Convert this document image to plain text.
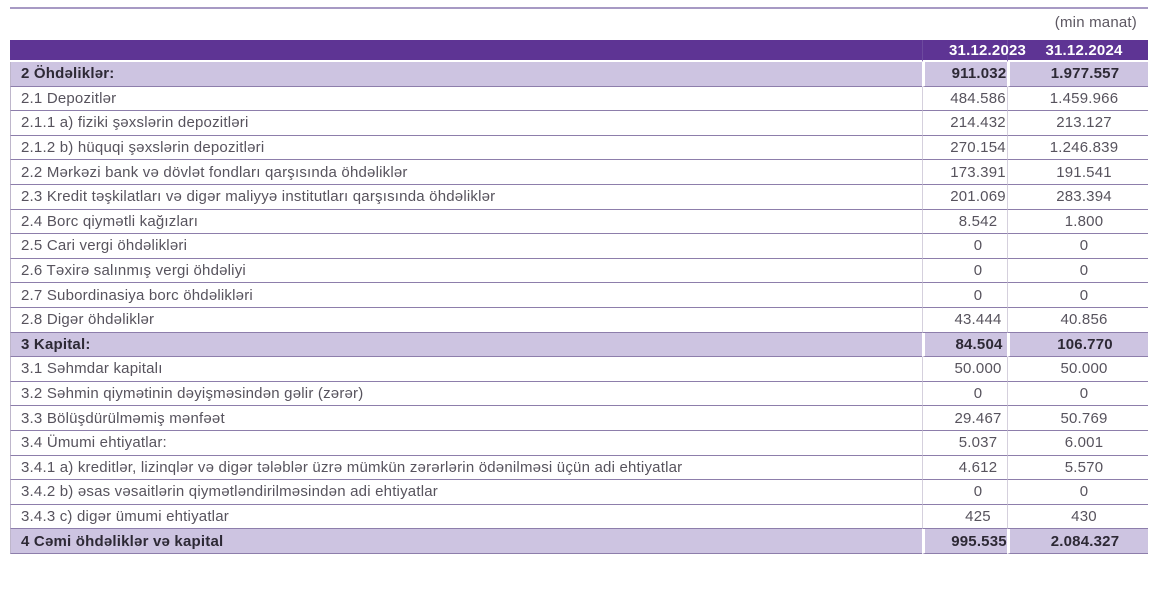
(min manat)
	31.12.2023	31.12.2024
2 Öhdəliklər:	911.032	1.977.557
2.1 Depozitlər	484.586	1.459.966
2.1.1 a) fiziki şəxslərin depozitləri	214.432	213.127
2.1.2 b) hüquqi şəxslərin depozitləri	270.154	1.246.839
2.2 Mərkəzi bank və dövlət fondları qarşısında öhdəliklər	173.391	191.541
2.3 Kredit təşkilatları və digər maliyyə institutları qarşısında öhdəliklər	201.069	283.394
2.4 Borc qiymətli kağızları	8.542	1.800
2.5 Cari vergi öhdəlikləri	0	0
2.6 Təxirə salınmış vergi öhdəliyi	0	0
2.7 Subordinasiya borc öhdəlikləri	0	0
2.8 Digər öhdəliklər	43.444	40.856
3 Kapital:	84.504	106.770
3.1 Səhmdar kapitalı	50.000	50.000
3.2 Səhmin qiymətinin dəyişməsindən gəlir (zərər)	0	0
3.3 Bölüşdürülməmiş mənfəət	29.467	50.769
3.4 Ümumi ehtiyatlar:	5.037	6.001
3.4.1 a) kreditlər, lizinqlər və digər tələblər üzrə mümkün zərərlərin ödənilməsi üçün adi ehtiyatlar	4.612	5.570
3.4.2 b) əsas vəsaitlərin qiymətləndirilməsindən adi ehtiyatlar	0	0
3.4.3 c) digər ümumi ehtiyatlar	425	430
4 Cəmi öhdəliklər və kapital	995.535	2.084.327
